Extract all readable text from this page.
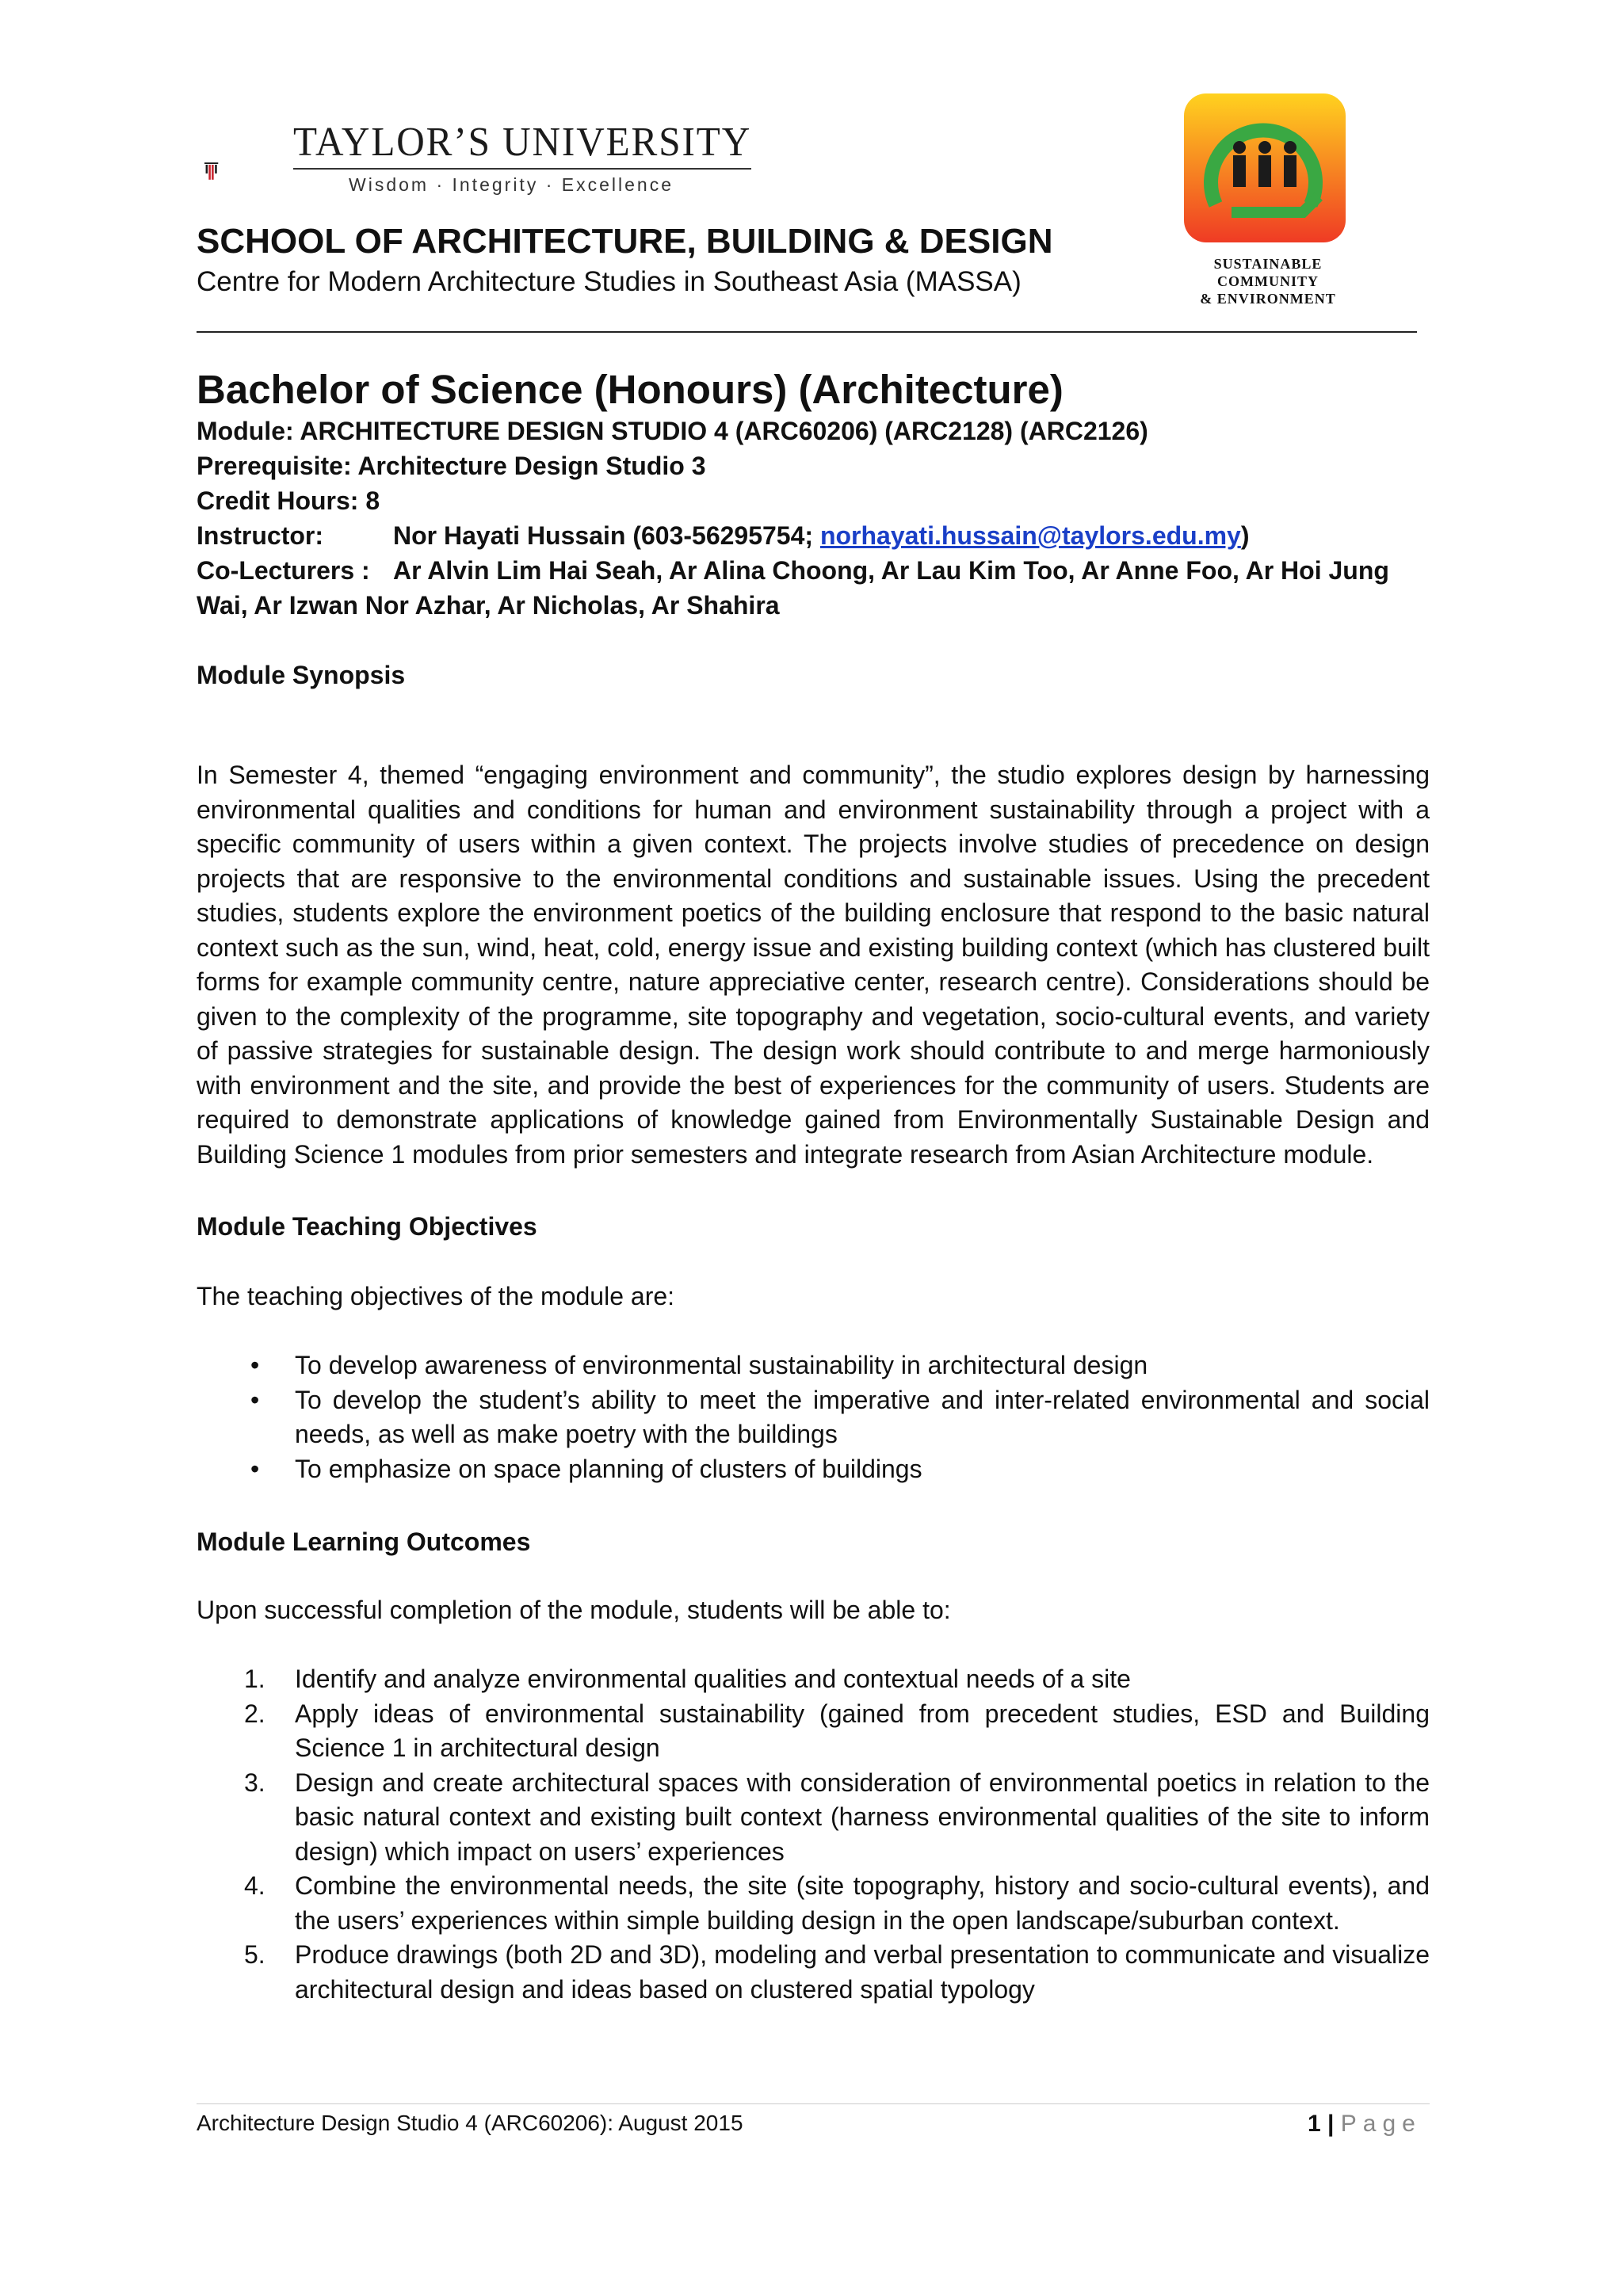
TAYLOR’S UNIVERSITY
Wisdom · Integrity · Excellence
SCHOOL OF ARCHITECTURE, BUILDING & DESIGN
Centre for Modern Architecture Studies in Southeast Asia (MASSA)
SUSTAINABLE
COMMUNITY
& ENVIRONMENT
Bachelor of Science (Honours) (Architecture)
Module: ARCHITECTURE DESIGN STUDIO 4 (ARC60206) (ARC2128) (ARC2126)
Prerequisite: Architecture Design Studio 3
Credit Hours: 8
Instructor:	Nor Hayati Hussain (603-56295754; norhayati.hussain@taylors.edu.my)
Co-Lecturers : Ar Alvin Lim Hai Seah, Ar Alina Choong, Ar Lau Kim Too, Ar Anne Foo, Ar Hoi Jung
Wai, Ar Izwan Nor Azhar, Ar Nicholas, Ar Shahira
Module Synopsis

In Semester 4, themed “engaging environment and community”, the studio explores design by harnessing environmental qualities and conditions for human and environment sustainability through a project with a specific community of users within a given context. The projects involve studies of precedence on design projects that are responsive to the environmental conditions and sustainable issues. Using the precedent studies, students explore the environment poetics of the building enclosure that respond to the basic natural context such as the sun, wind, heat, cold, energy issue and existing building context (which has clustered built forms for example community centre, nature appreciative center, research centre). Considerations should be given to the complexity of the programme, site topography and vegetation, socio-cultural events, and variety of passive strategies for sustainable design. The design work should contribute to and merge harmoniously with environment and the site, and provide the best of experiences for the community of users. Students are required to demonstrate applications of knowledge gained from Environmentally Sustainable Design and Building Science 1 modules from prior semesters and integrate research from Asian Architecture module.

Module Teaching Objectives

The teaching objectives of the module are:

• To develop awareness of environmental sustainability in architectural design
• To develop the student’s ability to meet the imperative and inter-related environmental and social needs, as well as make poetry with the buildings
• To emphasize on space planning of clusters of buildings
Module Learning Outcomes

Upon successful completion of the module, students will be able to:

1. Identify and analyze environmental qualities and contextual needs of a site
2. Apply ideas of environmental sustainability (gained from precedent studies, ESD and Building Science 1 in architectural design
3. Design and create architectural spaces with consideration of environmental poetics in relation to the basic natural context and existing built context (harness environmental qualities of the site to inform design) which impact on users’ experiences
4. Combine the environmental needs, the site (site topography, history and socio-cultural events), and the users’ experiences within simple building design in the open landscape/suburban context.
5. Produce drawings (both 2D and 3D), modeling and verbal presentation to communicate and visualize architectural design and ideas based on clustered spatial typology
Architecture Design Studio 4 (ARC60206): August 2015	1 | Page
